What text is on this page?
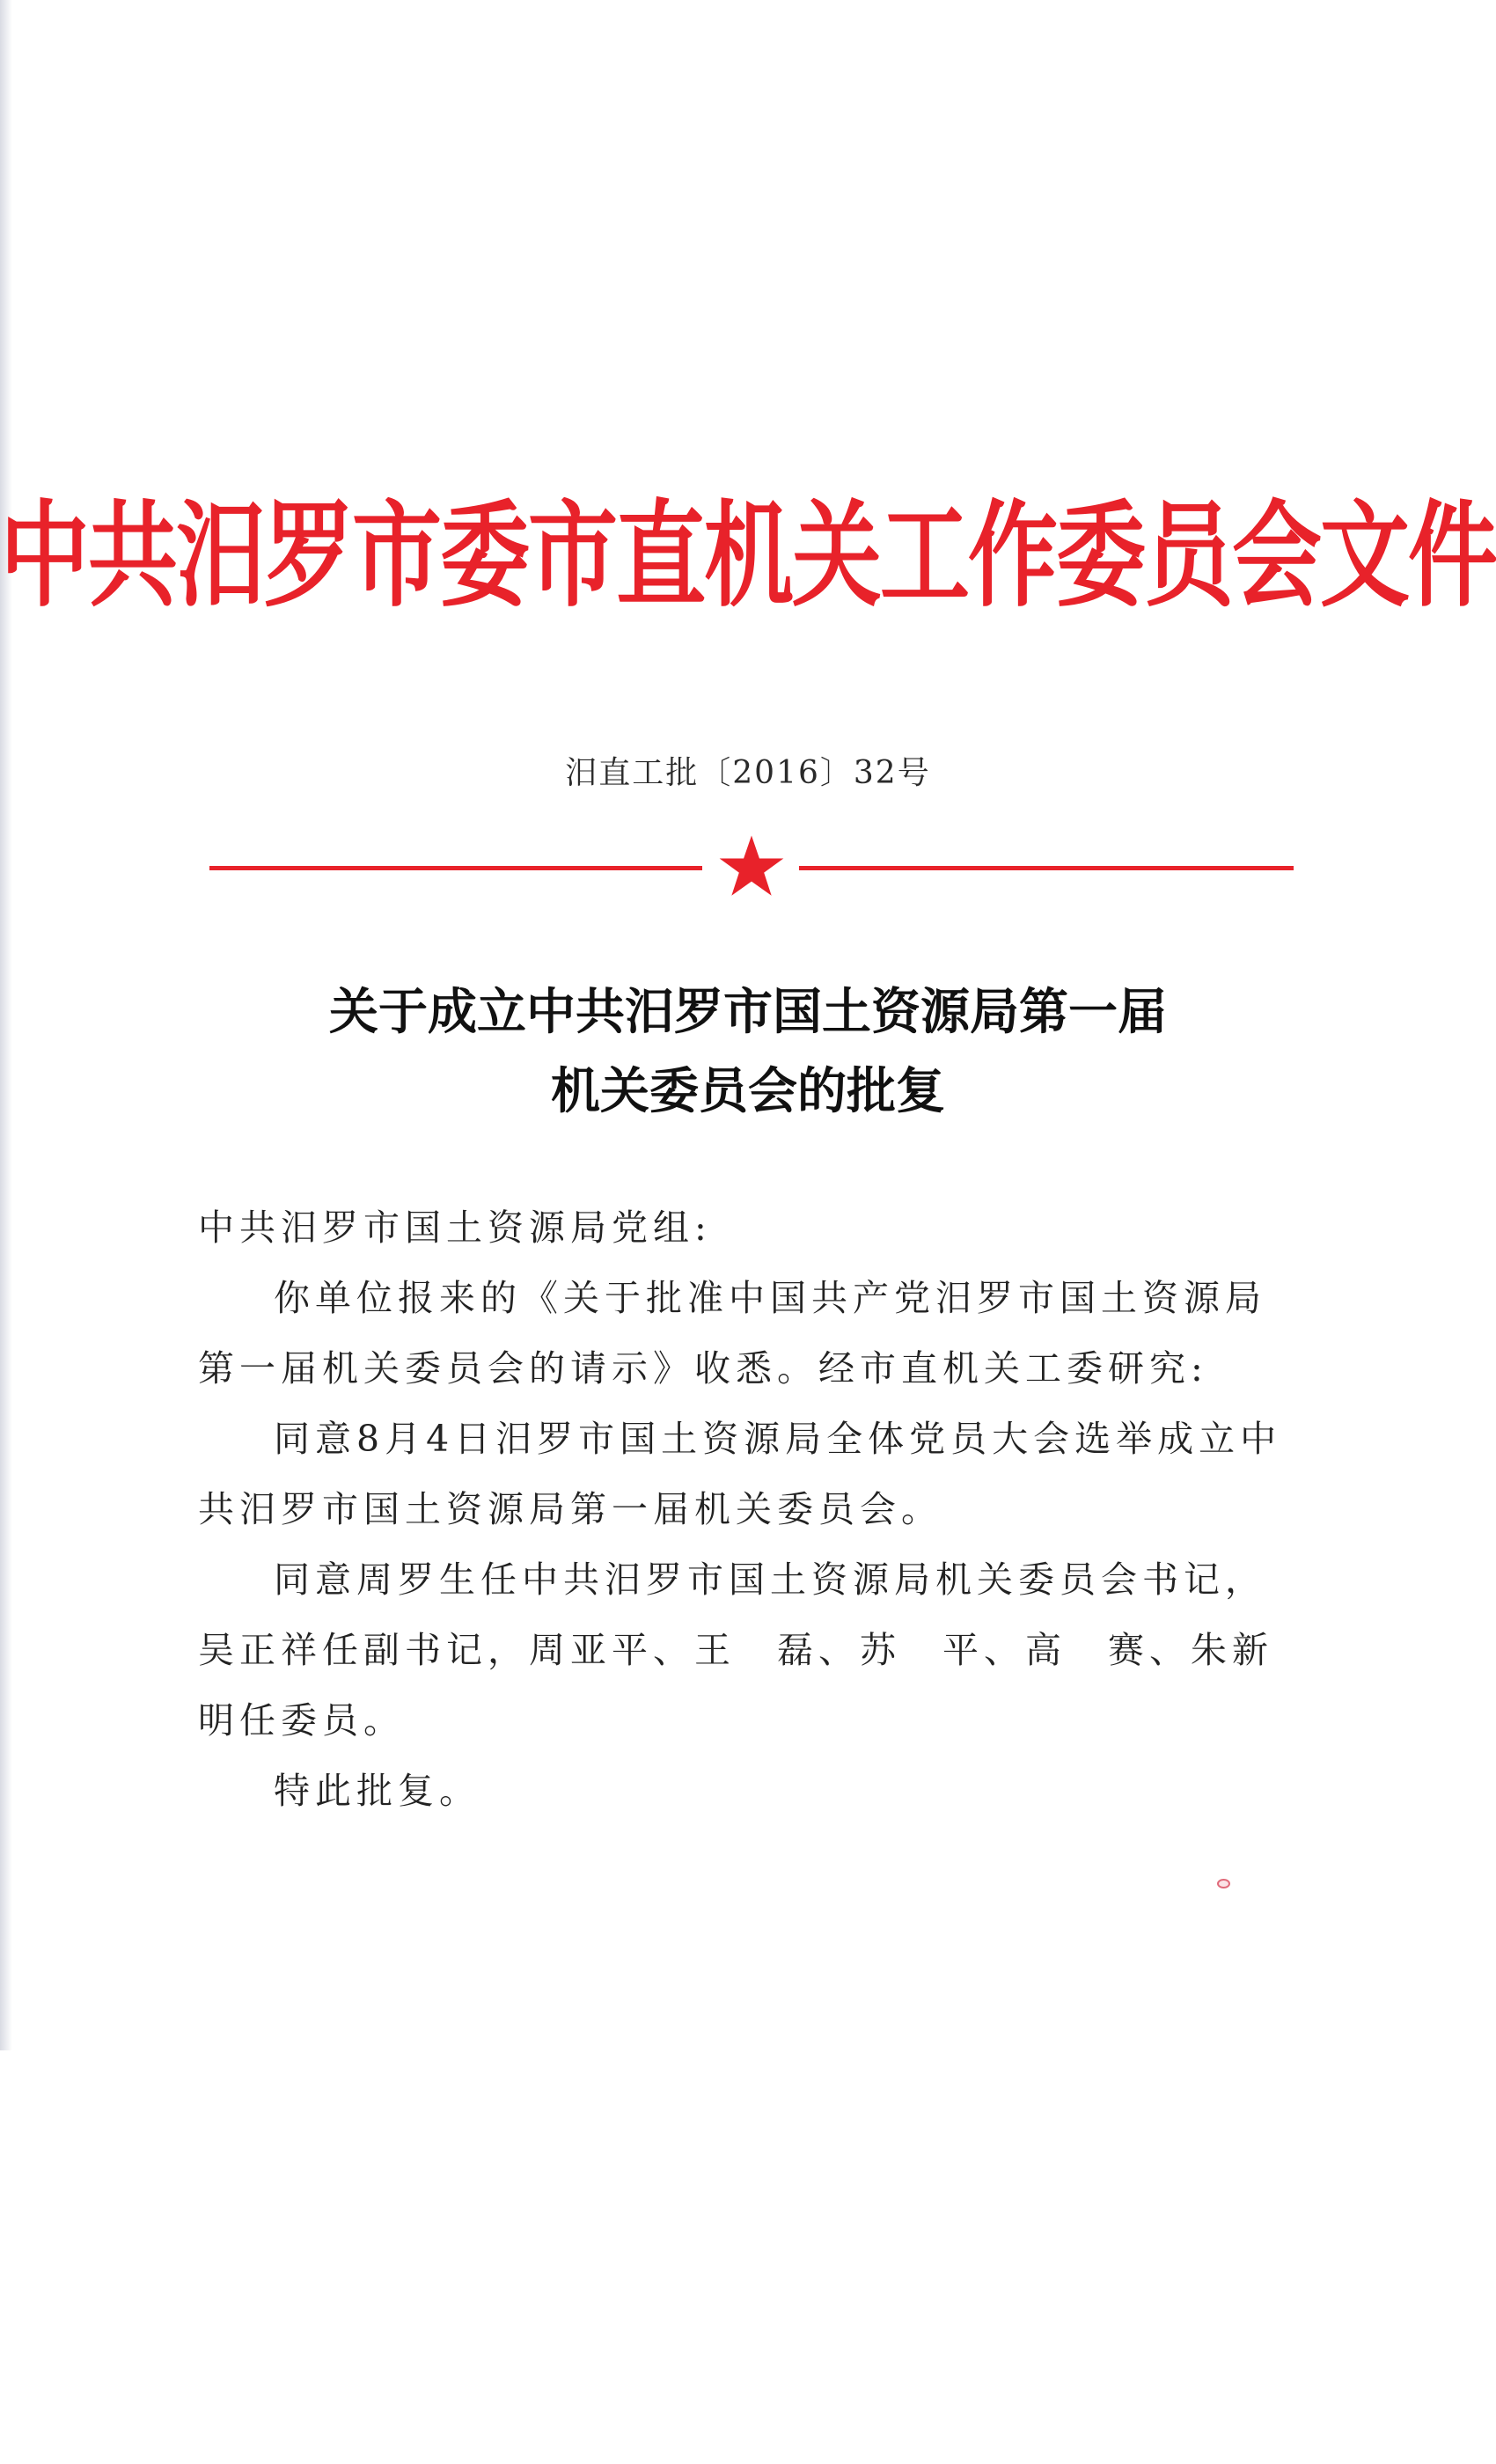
中共汨罗市委市直机关工作委员会文件
汨直工批〔2016〕32号
关于成立中共汨罗市国土资源局第一届
机关委员会的批复

中共汨罗市国土资源局党组:

你单位报来的《关于批准中国共产党汨罗市国土资源局第一届机关委员会的请示》收悉。经市直机关工委研究:

同意8月4日汨罗市国土资源局全体党员大会选举成立中共汨罗市国土资源局第一届机关委员会。

同意周罗生任中共汨罗市国土资源局机关委员会书记，吴正祥任副书记，周亚平、王　磊、苏　平、高　赛、朱新明任委员。

特此批复。
